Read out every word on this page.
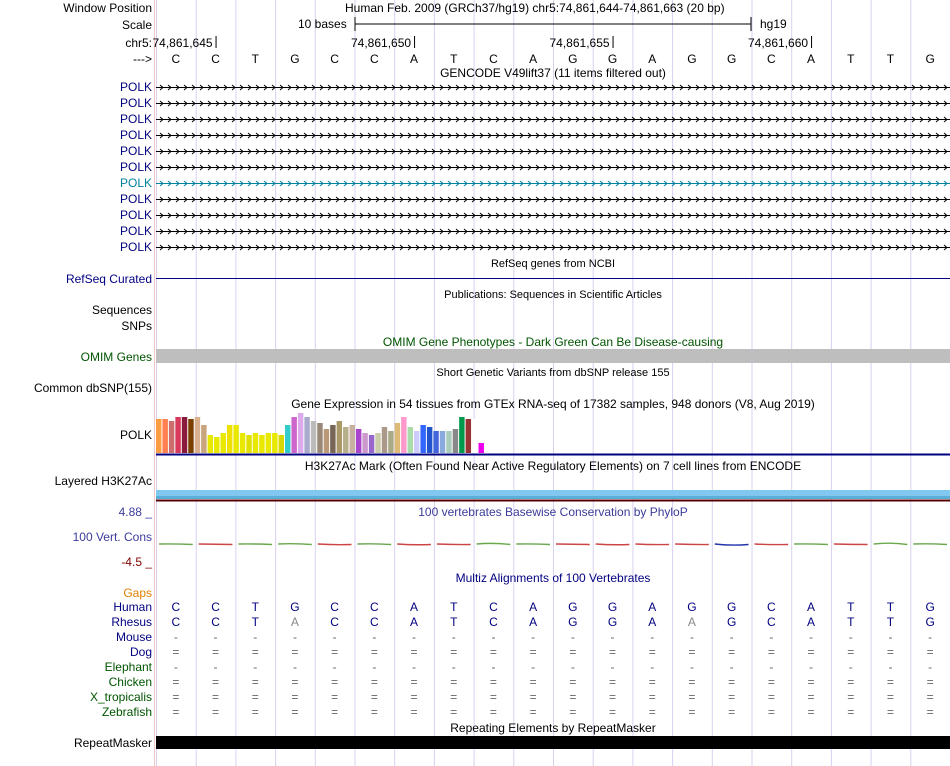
Window Position	Human Feb. 2009 (GRCh37/hg19) chr5:74,861,644-74,861,663 (20 bp)
Scale	10 bases	hg19
chr5: 74,861,645	74,861,650	74,861,655	74,861,660
--->	C	C	T	G	C	C	A	T	C	A	G	G	A	G	G	C	A	T	T	G
GENCODE V49lift37 (11 items filtered out)
POLK
POLK
POLK
POLK
POLK
POLK
POLK
POLK
POLK
POLK
POLK
RefSeq genes from NCBI
RefSeq Curated
Publications: Sequences in Scientific Articles
Sequences
SNPs
OMIM Gene Phenotypes - Dark Green Can Be Disease-causing
OMIM Genes
Short Genetic Variants from dbSNP release 155
Common dbSNP(155)
Gene Expression in 54 tissues from GTEx RNA-seq of 17382 samples, 948 donors (V8, Aug 2019)
POLK
H3K27Ac Mark (Often Found Near Active Regulatory Elements) on 7 cell lines from ENCODE
Layered H3K27Ac
100 vertebrates Basewise Conservation by PhyloP
4.88 _
100 Vert. Cons
-4.5 _
Multiz Alignments of 100 Vertebrates
Gaps
Human	C	C	T	G	C	C	A	T	C	A	G	G	A	G	G	C	A	T	T	G
Rhesus	C	C	T	A	C	C	A	T	C	A	G	G	A	A	G	C	A	T	T	G
Mouse	-	-	-	-	-	-	-	-	-	-	-	-	-	-	-	-	-	-	-	-
Dog	=	=	=	=	=	=	=	=	=	=	=	=	=	=	=	=	=	=	=	=
Elephant	-	-	-	-	-	-	-	-	-	-	-	-	-	-	-	-	-	-	-	-
Chicken	=	=	=	=	=	=	=	=	=	=	=	=	=	=	=	=	=	=	=	=
X_tropicalis	=	=	=	=	=	=	=	=	=	=	=	=	=	=	=	=	=	=	=	=
Zebrafish	=	=	=	=	=	=	=	=	=	=	=	=	=	=	=	=	=	=	=	=
Repeating Elements by RepeatMasker
RepeatMasker
